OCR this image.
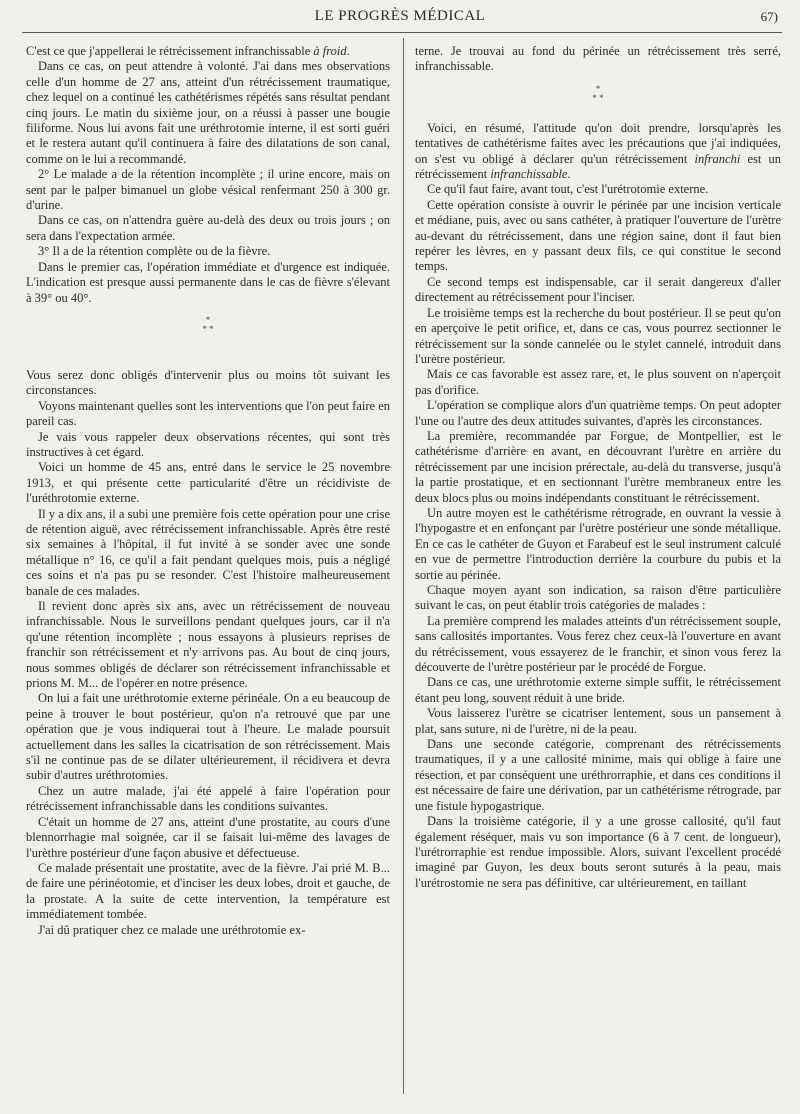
LE PROGRÈS MÉDICAL	67)

C'est ce que j'appellerai le rétrécissement infranchissable à froid.

Dans ce cas, on peut attendre à volonté. J'ai dans mes observations celle d'un homme de 27 ans, atteint d'un rétrécissement traumatique, chez lequel on a continué les cathétérismes répétés sans résultat pendant cinq jours. Le matin du sixième jour, on a réussi à passer une bougie filiforme. Nous lui avons fait une uréthrotomie interne, il est sorti guéri et le restera autant qu'il continuera à faire des dilatations de son canal, comme on le lui a recommandé.

2° Le malade a de la rétention incomplète ; il urine encore, mais on sent par le palper bimanuel un globe vésical renfermant 250 à 300 gr. d'urine.

Dans ce cas, on n'attendra guère au-delà des deux ou trois jours ; on sera dans l'expectation armée.

3° Il a de la rétention complète ou de la fièvre.

Dans le premier cas, l'opération immédiate et d'urgence est indiquée. L'indication est presque aussi permanente dans le cas de fièvre s'élevant à 39° ou 40°.

*
* *

Vous serez donc obligés d'intervenir plus ou moins tôt suivant les circonstances.

Voyons maintenant quelles sont les interventions que l'on peut faire en pareil cas.

Je vais vous rappeler deux observations récentes, qui sont très instructives à cet égard.

Voici un homme de 45 ans, entré dans le service le 25 novembre 1913, et qui présente cette particularité d'être un récidiviste de l'uréthrotomie externe.

Il y a dix ans, il a subi une première fois cette opération pour une crise de rétention aiguë, avec rétrécissement infranchissable. Après être resté six semaines à l'hôpital, il fut invité à se sonder avec une sonde métallique n° 16, ce qu'il a fait pendant quelques mois, puis a négligé ces soins et n'a pas pu se resonder. C'est l'histoire malheureusement banale de ces malades.

Il revient donc après six ans, avec un rétrécissement de nouveau infranchissable. Nous le surveillons pendant quelques jours, car il n'a qu'une rétention incomplète ; nous essayons à plusieurs reprises de franchir son rétrécissement et n'y arrivons pas. Au bout de cinq jours, nous sommes obligés de déclarer son rétrécissement infranchissable et prions M. M... de l'opérer en notre présence.

On lui a fait une uréthrotomie externe périnéale. On a eu beaucoup de peine à trouver le bout postérieur, qu'on n'a retrouvé que par une opération que je vous indiquerai tout à l'heure. Le malade poursuit actuellement dans les salles la cicatrisation de son rétrécissement. Mais s'il ne continue pas de se dilater ultérieurement, il récidivera et devra subir d'autres uréthrotomies.

Chez un autre malade, j'ai été appelé à faire l'opération pour rétrécissement infranchissable dans les conditions suivantes.

C'était un homme de 27 ans, atteint d'une prostatite, au cours d'une blennorrhagie mal soignée, car il se faisait lui-même des lavages de l'urèthre postérieur d'une façon abusive et défectueuse.

Ce malade présentait une prostatite, avec de la fièvre. J'ai prié M. B... de faire une périnéotomie, et d'inciser les deux lobes, droit et gauche, de la prostate. A la suite de cette intervention, la température est immédiatement tombée.

J'ai dû pratiquer chez ce malade une uréthrotomie ex-

terne. Je trouvai au fond du périnée un rétrécissement très serré, infranchissable.

*
* *

Voici, en résumé, l'attitude qu'on doit prendre, lorsqu'après les tentatives de cathétérisme faites avec les précautions que j'ai indiquées, on s'est vu obligé à déclarer qu'un rétrécissement infranchi est un rétrécissement infranchissable.

Ce qu'il faut faire, avant tout, c'est l'urétrotomie externe.

Cette opération consiste à ouvrir le périnée par une incision verticale et médiane, puis, avec ou sans cathéter, à pratiquer l'ouverture de l'urètre au-devant du rétrécissement, dans une région saine, dont il faut bien repérer les lèvres, en y passant deux fils, ce qui constitue le second temps.

Ce second temps est indispensable, car il serait dangereux d'aller directement au rétrécissement pour l'inciser.

Le troisième temps est la recherche du bout postérieur. Il se peut qu'on en aperçoive le petit orifice, et, dans ce cas, vous pourrez sectionner le rétrécissement sur la sonde cannelée ou le stylet cannelé, introduit dans l'urètre postérieur.

Mais ce cas favorable est assez rare, et, le plus souvent on n'aperçoit pas d'orifice.

L'opération se complique alors d'un quatrième temps. On peut adopter l'une ou l'autre des deux attitudes suivantes, d'après les circonstances.

La première, recommandée par Forgue, de Montpellier, est le cathétérisme d'arrière en avant, en découvrant l'urètre en arrière du rétrécissement par une incision prérectale, au-delà du transverse, jusqu'à la partie prostatique, et en sectionnant l'urètre membraneux entre les deux blocs plus ou moins indépendants constituant le rétrécissement.

Un autre moyen est le cathétérisme rétrograde, en ouvrant la vessie à l'hypogastre et en enfonçant par l'urètre postérieur une sonde métallique. En ce cas le cathéter de Guyon et Farabeuf est le seul instrument calculé en vue de permettre l'introduction derrière la courbure du pubis et la sortie au périnée.

Chaque moyen ayant son indication, sa raison d'être particulière suivant le cas, on peut établir trois catégories de malades :

La première comprend les malades atteints d'un rétrécissement souple, sans callosités importantes. Vous ferez chez ceux-là l'ouverture en avant du rétrécissement, vous essayerez de le franchir, et sinon vous ferez la découverte de l'urètre postérieur par le procédé de Forgue.

Dans ce cas, une uréthrotomie externe simple suffit, le rétrécissement étant peu long, souvent réduit à une bride.

Vous laisserez l'urètre se cicatriser lentement, sous un pansement à plat, sans suture, ni de l'urètre, ni de la peau.

Dans une seconde catégorie, comprenant des rétrécissements traumatiques, il y a une callosité minime, mais qui oblige à faire une résection, et par conséquent une uréthrorraphie, et dans ces conditions il est nécessaire de faire une dérivation, par un cathétérisme rétrograde, par une fistule hypogastrique.

Dans la troisième catégorie, il y a une grosse callosité, qu'il faut également réséquer, mais vu son importance (6 à 7 cent. de longueur), l'urétrorraphie est rendue impossible. Alors, suivant l'excellent procédé imaginé par Guyon, les deux bouts seront suturés à la peau, mais l'urétrostomie ne sera pas définitive, car ultérieurement, en taillant
